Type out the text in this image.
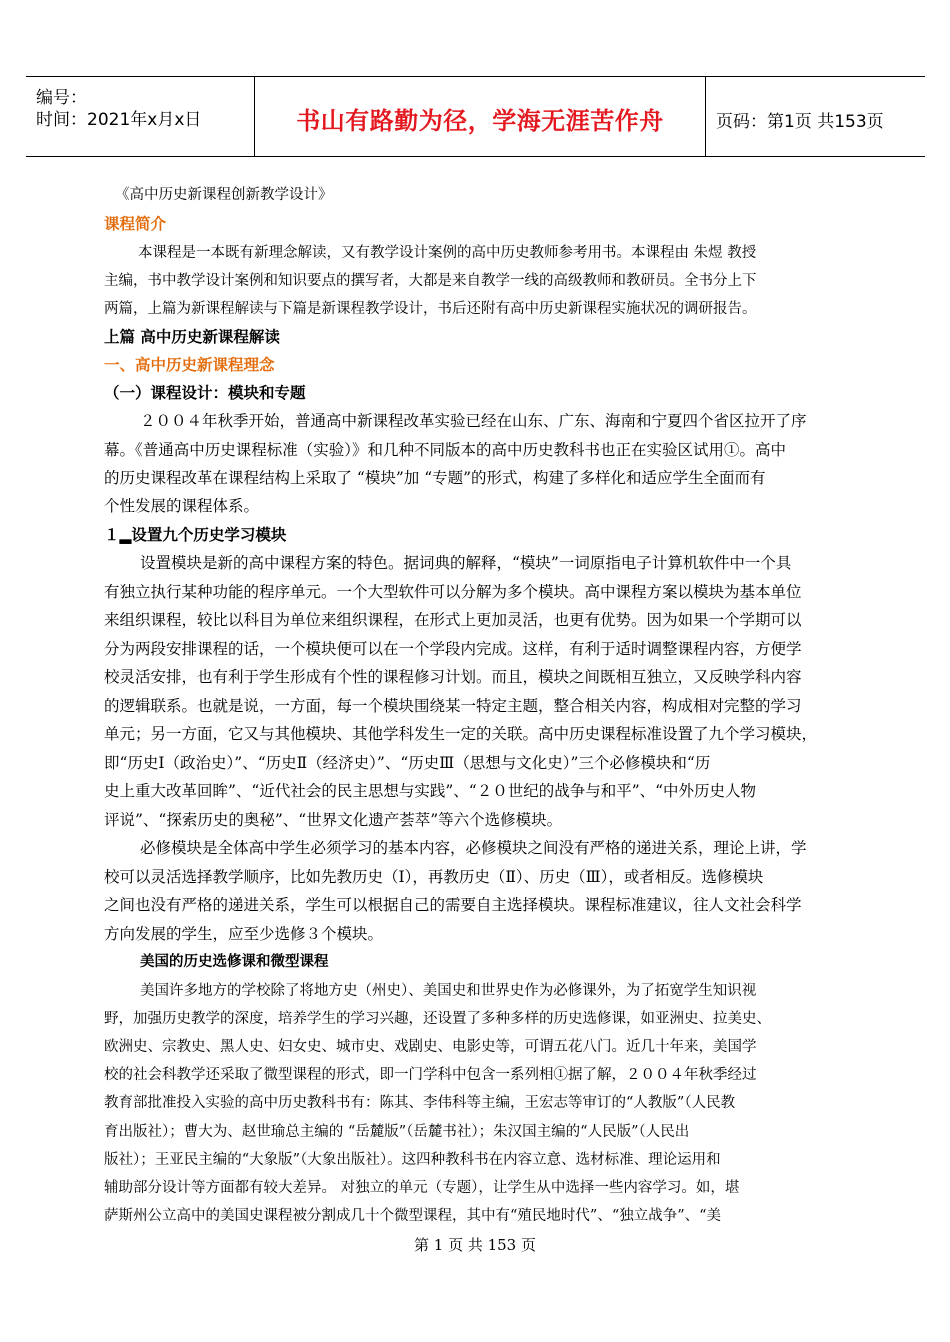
编号：
时间：2021年x月x日	书山有路勤为径，学海无涯苦作舟	页码：第1页 共153页
《高中历史新课程创新教学设计》
课程简介
本课程是一本既有新理念解读，又有教学设计案例的高中历史教师参考用书。本课程由 朱煜 教授
主编，书中教学设计案例和知识要点的撰写者，大都是来自教学一线的高级教师和教研员。全书分上下
两篇，上篇为新课程解读与下篇是新课程教学设计，书后还附有高中历史新课程实施状况的调研报告。
上篇 高中历史新课程解读
一、高中历史新课程理念
（一）课程设计：模块和专题
２００４年秋季开始，普通高中新课程改革实验已经在山东、广东、海南和宁夏四个省区拉开了序
幕。《普通高中历史课程标准（实验）》和几种不同版本的高中历史教科书也正在实验区试用①。高中
的历史课程改革在课程结构上采取了 “模块”加 “专题”的形式，构建了多样化和适应学生全面而有
个性发展的课程体系。
１▂设置九个历史学习模块
设置模块是新的高中课程方案的特色。据词典的解释，“模块”一词原指电子计算机软件中一个具
有独立执行某种功能的程序单元。一个大型软件可以分解为多个模块。高中课程方案以模块为基本单位
来组织课程，较比以科目为单位来组织课程，在形式上更加灵活，也更有优势。因为如果一个学期可以
分为两段安排课程的话，一个模块便可以在一个学段内完成。这样，有利于适时调整课程内容，方便学
校灵活安排，也有利于学生形成有个性的课程修习计划。而且，模块之间既相互独立，又反映学科内容
的逻辑联系。也就是说，一方面，每一个模块围绕某一特定主题，整合相关内容，构成相对完整的学习
单元；另一方面，它又与其他模块、其他学科发生一定的关联。高中历史课程标准设置了九个学习模块，
即“历史Ⅰ（政治史）”、“历史Ⅱ（经济史）”、“历史Ⅲ（思想与文化史）”三个必修模块和“历
史上重大改革回眸”、“近代社会的民主思想与实践”、“２０世纪的战争与和平”、“中外历史人物
评说”、“探索历史的奥秘”、“世界文化遗产荟萃”等六个选修模块。
必修模块是全体高中学生必须学习的基本内容，必修模块之间没有严格的递进关系，理论上讲，学
校可以灵活选择教学顺序，比如先教历史（Ⅰ），再教历史（Ⅱ）、历史（Ⅲ），或者相反。选修模块
之间也没有严格的递进关系，学生可以根据自己的需要自主选择模块。课程标准建议，往人文社会科学
方向发展的学生，应至少选修３个模块。
美国的历史选修课和微型课程
美国许多地方的学校除了将地方史（州史）、美国史和世界史作为必修课外，为了拓宽学生知识视
野，加强历史教学的深度，培养学生的学习兴趣，还设置了多种多样的历史选修课，如亚洲史、拉美史、
欧洲史、宗教史、黑人史、妇女史、城市史、戏剧史、电影史等，可谓五花八门。近几十年来，美国学
校的社会科教学还采取了微型课程的形式，即一门学科中包含一系列相①据了解，２００４年秋季经过
教育部批准投入实验的高中历史教科书有：陈其、李伟科等主编，王宏志等审订的“人教版”（人民教
育出版社）；曹大为、赵世瑜总主编的 “岳麓版”（岳麓书社）；朱汉国主编的“人民版”（人民出
版社）；王亚民主编的“大象版”（大象出版社）。这四种教科书在内容立意、选材标准、理论运用和
辅助部分设计等方面都有较大差异。 对独立的单元（专题），让学生从中选择一些内容学习。如，堪
萨斯州公立高中的美国史课程被分割成几十个微型课程，其中有“殖民地时代”、“独立战争”、“美
第 1 页 共 153 页
